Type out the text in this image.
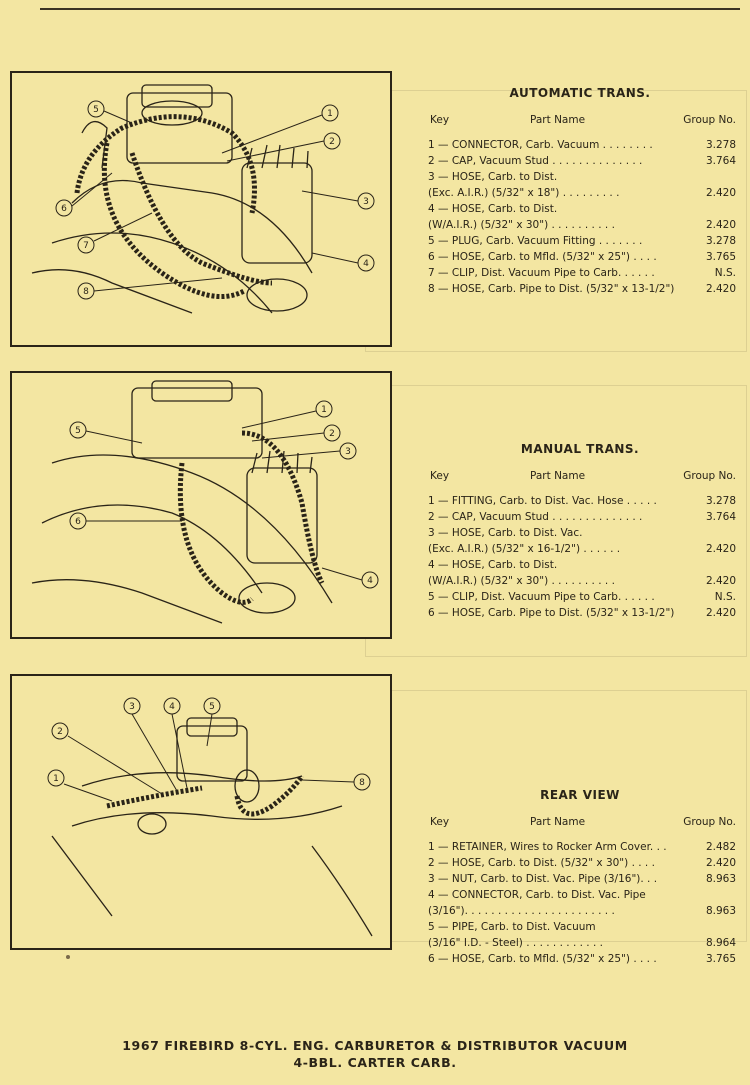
1
2
3
4
5
6
7
8
1
2
3
4
5
6
1
2
3	4	5
8
AUTOMATIC TRANS.
Key	Part Name	Group No.
1 — CONNECTOR, Carb. Vacuum . . . . . . . .	3.278
2 — CAP, Vacuum Stud . . . . . . . . . . . . . .	3.764
3 — HOSE, Carb. to Dist.
(Exc. A.I.R.) (5/32" x 18") . . . . . . . . .	2.420
4 — HOSE, Carb. to Dist.
(W/A.I.R.) (5/32" x 30") . . . . . . . . . .	2.420
5 — PLUG, Carb. Vacuum Fitting . . . . . . .	3.278
6 — HOSE, Carb. to Mfld. (5/32" x 25") . . . .	3.765
7 — CLIP, Dist. Vacuum Pipe to Carb. . . . . .	N.S.
8 — HOSE, Carb. Pipe to Dist. (5/32" x 13-1/2")	2.420
MANUAL TRANS.
Key	Part Name	Group No.
1 — FITTING, Carb. to Dist. Vac. Hose . . . . .	3.278
2 — CAP, Vacuum Stud . . . . . . . . . . . . . .	3.764
3 — HOSE, Carb. to Dist. Vac.
(Exc. A.I.R.) (5/32" x 16-1/2") . . . . . .	2.420
4 — HOSE, Carb. to Dist.
(W/A.I.R.) (5/32" x 30") . . . . . . . . . .	2.420
5 — CLIP, Dist. Vacuum Pipe to Carb. . . . . .	N.S.
6 — HOSE, Carb. Pipe to Dist. (5/32" x 13-1/2")	2.420
REAR VIEW
Key	Part Name	Group No.
1 — RETAINER, Wires to Rocker Arm Cover. . .	2.482
2 — HOSE, Carb. to Dist. (5/32" x 30") . . . .	2.420
3 — NUT, Carb. to Dist. Vac. Pipe (3/16"). . .	8.963
4 — CONNECTOR, Carb. to Dist. Vac. Pipe
(3/16"). . . . . . . . . . . . . . . . . . . . . . .	8.963
5 — PIPE, Carb. to Dist. Vacuum
(3/16" I.D. - Steel) . . . . . . . . . . . .	8.964
6 — HOSE, Carb. to Mfld. (5/32" x 25") . . . .	3.765
1967 FIREBIRD 8-CYL. ENG. CARBURETOR & DISTRIBUTOR VACUUM
4-BBL. CARTER CARB.
